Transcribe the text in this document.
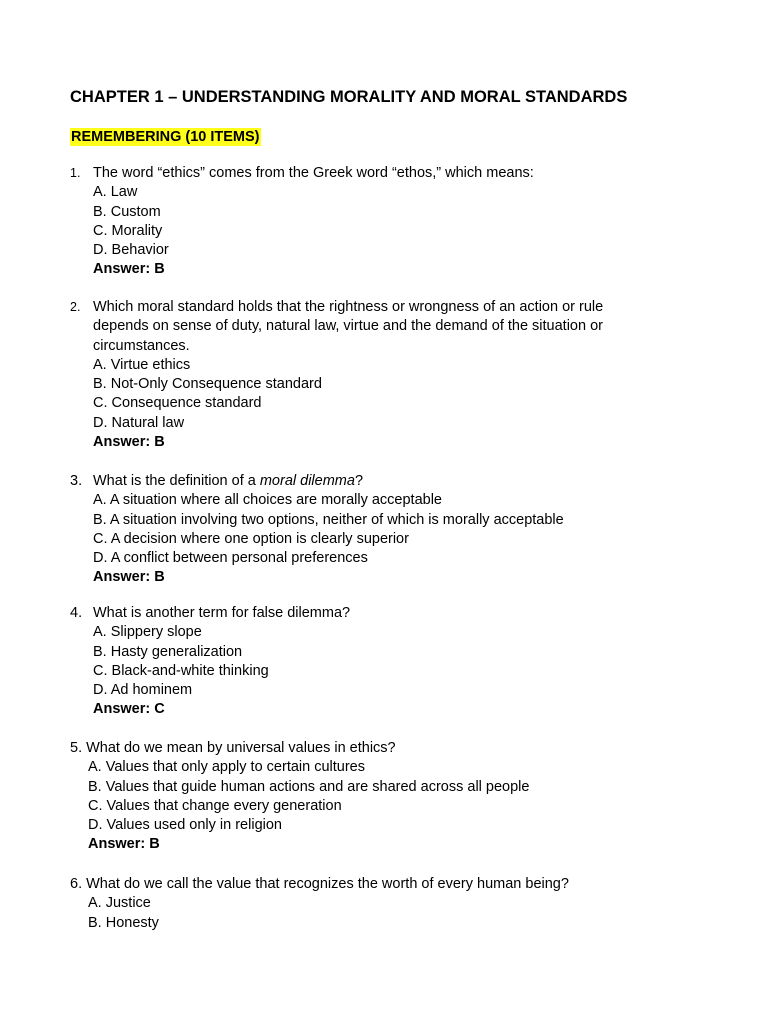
CHAPTER 1 – UNDERSTANDING MORALITY AND MORAL STANDARDS
REMEMBERING (10 ITEMS)
1. The word “ethics” comes from the Greek word “ethos,” which means:
A. Law
B. Custom
C. Morality
D. Behavior
Answer: B
2. Which moral standard holds that the rightness or wrongness of an action or rule
depends on sense of duty, natural law, virtue and the demand of the situation or
circumstances.
A. Virtue ethics
B. Not-Only Consequence standard
C. Consequence standard
D. Natural law
Answer: B
3. What is the definition of a moral dilemma?
A. A situation where all choices are morally acceptable
B. A situation involving two options, neither of which is morally acceptable
C. A decision where one option is clearly superior
D. A conflict between personal preferences
Answer: B
4. What is another term for false dilemma?
A. Slippery slope
B. Hasty generalization
C. Black-and-white thinking
D. Ad hominem
Answer: C
5. What do we mean by universal values in ethics?
A. Values that only apply to certain cultures
B. Values that guide human actions and are shared across all people
C. Values that change every generation
D. Values used only in religion
Answer: B
6. What do we call the value that recognizes the worth of every human being?
A. Justice
B. Honesty
